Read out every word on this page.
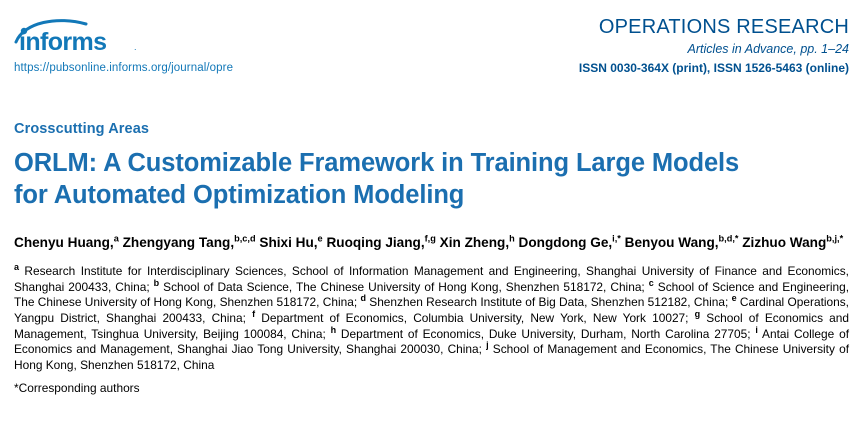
informs	.
https://pubsonline.informs.org/journal/opre
OPERATIONS RESEARCH
Articles in Advance, pp. 1–24
ISSN 0030-364X (print), ISSN 1526-5463 (online)
Crosscutting Areas
ORLM: A Customizable Framework in Training Large Models
for Automated Optimization Modeling
Chenyu Huang,$^a$ Zhengyang Tang,$^{b,c,d}$ Shixi Hu,$^e$ Ruoqing Jiang,$^{f,g}$ Xin Zheng,$^h$ Dongdong Ge,$^{i,*}$ Benyou Wang,$^{b,d,*}$ Zizhuo Wang$^{b,j,*}$
$^a$ Research Institute for Interdisciplinary Sciences, School of Information Management and Engineering, Shanghai University of Finance and Economics, Shanghai 200433, China; $^b$ School of Data Science, The Chinese University of Hong Kong, Shenzhen 518172, China; $^c$ School of Science and Engineering, The Chinese University of Hong Kong, Shenzhen 518172, China; $^d$ Shenzhen Research Institute of Big Data, Shenzhen 512182, China; $^e$ Cardinal Operations, Yangpu District, Shanghai 200433, China; $^f$ Department of Economics, Columbia University, New York, New York 10027; $^g$ School of Economics and Management, Tsinghua University, Beijing 100084, China; $^h$ Department of Economics, Duke University, Durham, North Carolina 27705; $^i$ Antai College of Economics and Management, Shanghai Jiao Tong University, Shanghai 200030, China; $^j$ School of Management and Economics, The Chinese University of Hong Kong, Shenzhen 518172, China
*Corresponding authors
